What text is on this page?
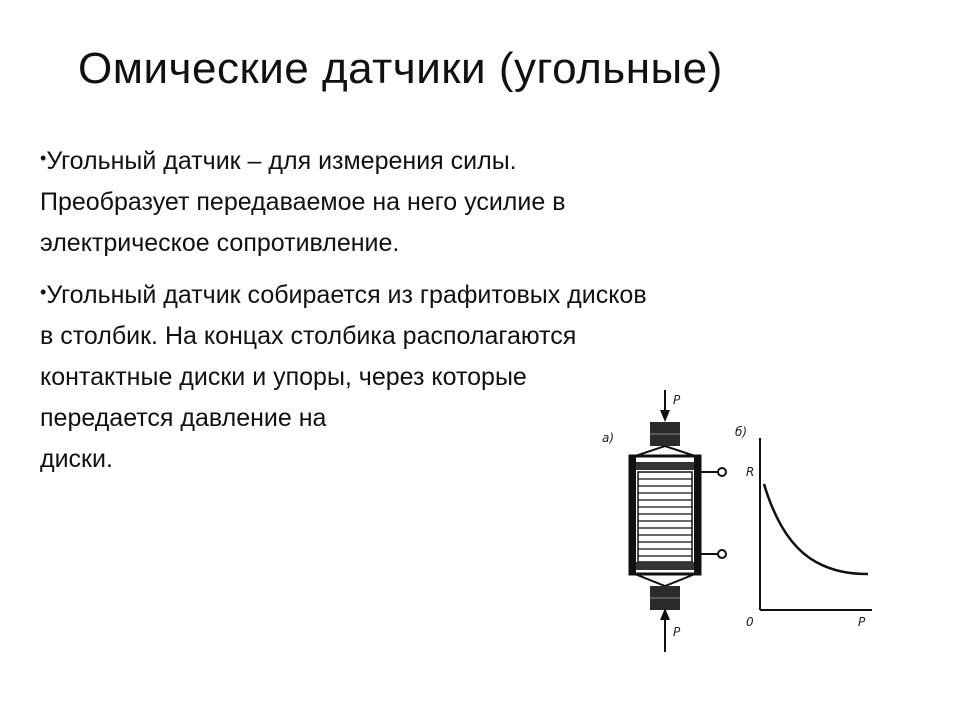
Омические датчики (угольные)
•Угольный датчик – для измерения силы.
Преобразует передаваемое на него усилие в
электрическое сопротивление.
•Угольный датчик собирается из графитовых дисков
в столбик. На концах столбика располагаются
контактные диски и упоры, через которые
передается давление на
диски.
а)
P
P
б)
R
0	P
